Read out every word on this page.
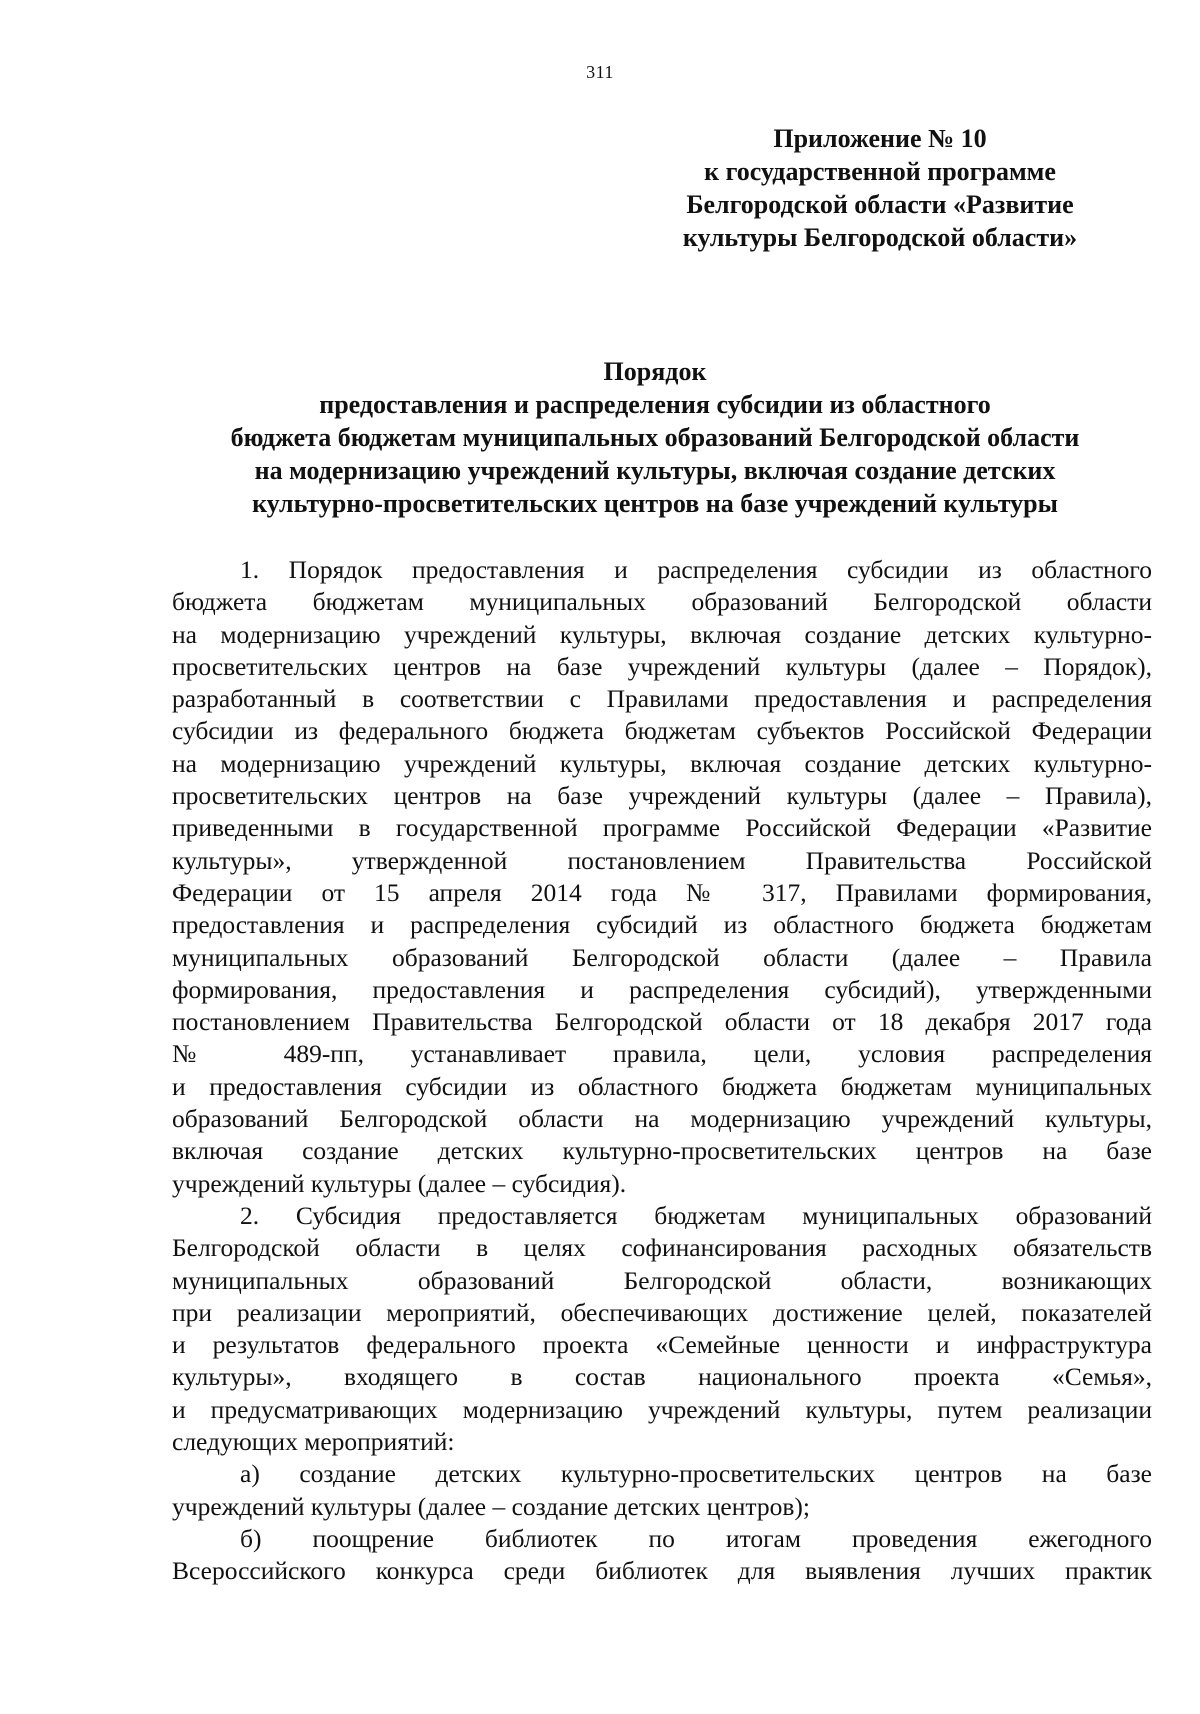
311
Приложение № 10
к государственной программе
Белгородской области «Развитие
культуры Белгородской области»
Порядок
предоставления и распределения субсидии из областного
бюджета бюджетам муниципальных образований Белгородской области
на модернизацию учреждений культуры, включая создание детских
культурно-просветительских центров на базе учреждений культуры
1. Порядок предоставления и распределения субсидии из областного
бюджета бюджетам муниципальных образований Белгородской области
на модернизацию учреждений культуры, включая создание детских культурно-
просветительских центров на базе учреждений культуры (далее – Порядок),
разработанный в соответствии с Правилами предоставления и распределения
субсидии из федерального бюджета бюджетам субъектов Российской Федерации
на модернизацию учреждений культуры, включая создание детских культурно-
просветительских центров на базе учреждений культуры (далее – Правила),
приведенными в государственной программе Российской Федерации «Развитие
культуры», утвержденной постановлением Правительства Российской
Федерации от 15 апреля 2014 года № 317, Правилами формирования,
предоставления и распределения субсидий из областного бюджета бюджетам
муниципальных образований Белгородской области (далее – Правила
формирования, предоставления и распределения субсидий), утвержденными
постановлением Правительства Белгородской области от 18 декабря 2017 года
№ 489-пп, устанавливает правила, цели, условия распределения
и предоставления субсидии из областного бюджета бюджетам муниципальных
образований Белгородской области на модернизацию учреждений культуры,
включая создание детских культурно-просветительских центров на базе
учреждений культуры (далее – субсидия).
2. Субсидия предоставляется бюджетам муниципальных образований
Белгородской области в целях софинансирования расходных обязательств
муниципальных образований Белгородской области, возникающих
при реализации мероприятий, обеспечивающих достижение целей, показателей
и результатов федерального проекта «Семейные ценности и инфраструктура
культуры», входящего в состав национального проекта «Семья»,
и предусматривающих модернизацию учреждений культуры, путем реализации
следующих мероприятий:
а) создание детских культурно-просветительских центров на базе
учреждений культуры (далее – создание детских центров);
б) поощрение библиотек по итогам проведения ежегодного
Всероссийского конкурса среди библиотек для выявления лучших практик
